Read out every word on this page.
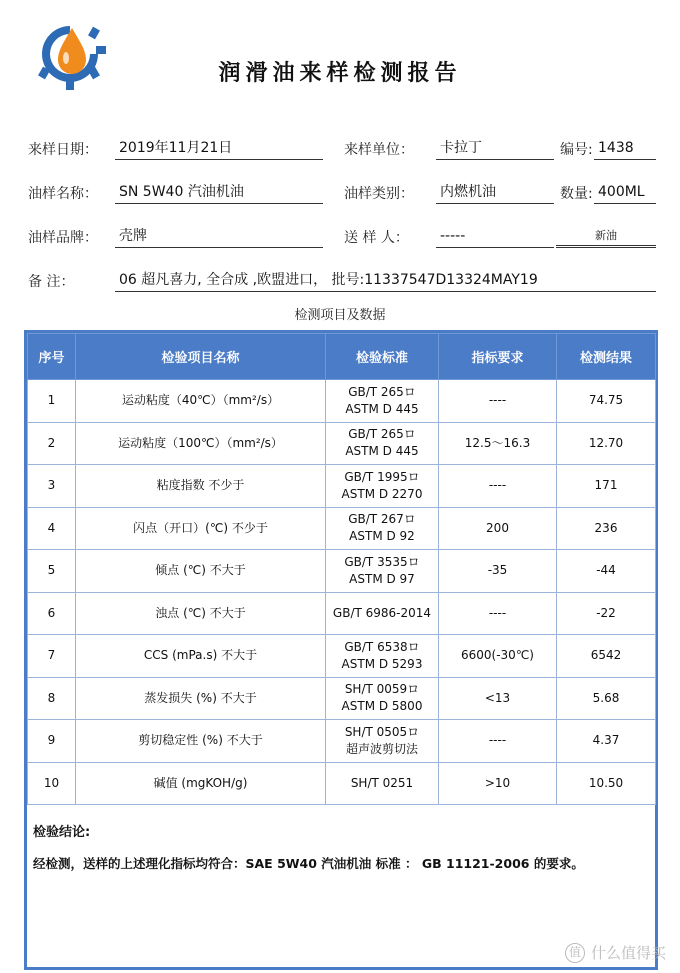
润滑油来样检测报告
来样日期： 2019年11月21日	来样单位： 卡拉丁	编号: 1438
油样名称： SN 5W40 汽油机油	油样类别： 内燃机油	数量: 400ML
油样品牌： 壳牌	送 样 人： -----	新油
备 注：	06 超凡喜力, 全合成 ,欧盟进口， 批号:11337547D13324MAY19
检测项目及数据
序号	检验项目名称	检验标准	指标要求	检测结果
1	运动粘度（40℃）（mm²/s）	GB/T 265ロ
ASTM D 445	----	74.75
2	运动粘度（100℃）（mm²/s）	GB/T 265ロ
ASTM D 445	12.5～16.3	12.70
3	粘度指数 不少于	GB/T 1995ロ
ASTM D 2270	----	171
4	闪点（开口）(℃) 不少于	GB/T 267ロ
ASTM D 92	200	236
5	倾点 (℃) 不大于	GB/T 3535ロ
ASTM D 97	-35	-44
6	浊点 (℃) 不大于	GB/T 6986-2014	----	-22
7	CCS (mPa.s) 不大于	GB/T 6538ロ
ASTM D 5293	6600(-30℃)	6542
8	蒸发损失 (%) 不大于	SH/T 0059ロ
ASTM D 5800	<13	5.68
9	剪切稳定性 (%) 不大于	SH/T 0505ロ
超声波剪切法	----	4.37
10	碱值 (mgKOH/g)	SH/T 0251	>10	10.50
检验结论:
经检测，送样的上述理化指标均符合：SAE 5W40 汽油机油 标准 ： GB 11121-2006 的要求。
值 什么值得买
